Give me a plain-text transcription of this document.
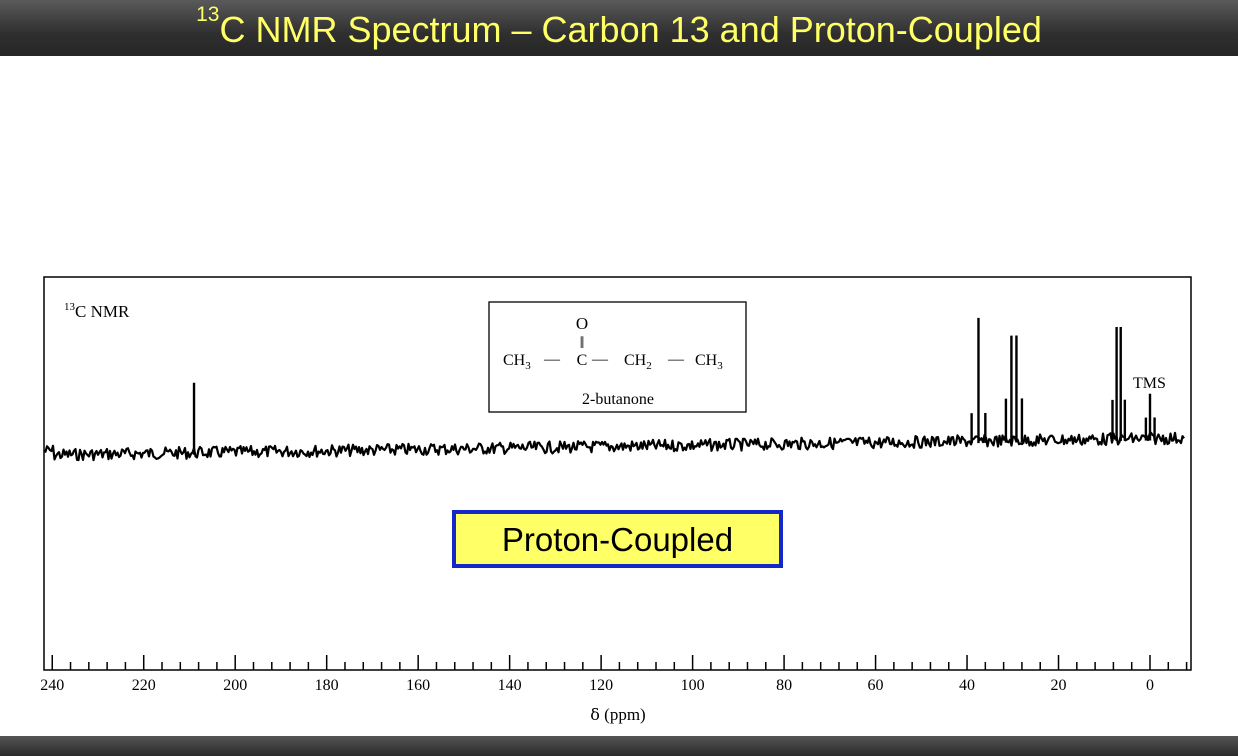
$^{13}$C NMR Spectrum – Carbon 13 and Proton-Coupled
$^{13}$C NMR
O
‖
$CH_3$ — C — $CH_2$ — $CH_3$
2-butanone
TMS
δ (ppm)
240	220	200	180	160	140	120	100	80	60	40	20	0
Proton-Coupled
